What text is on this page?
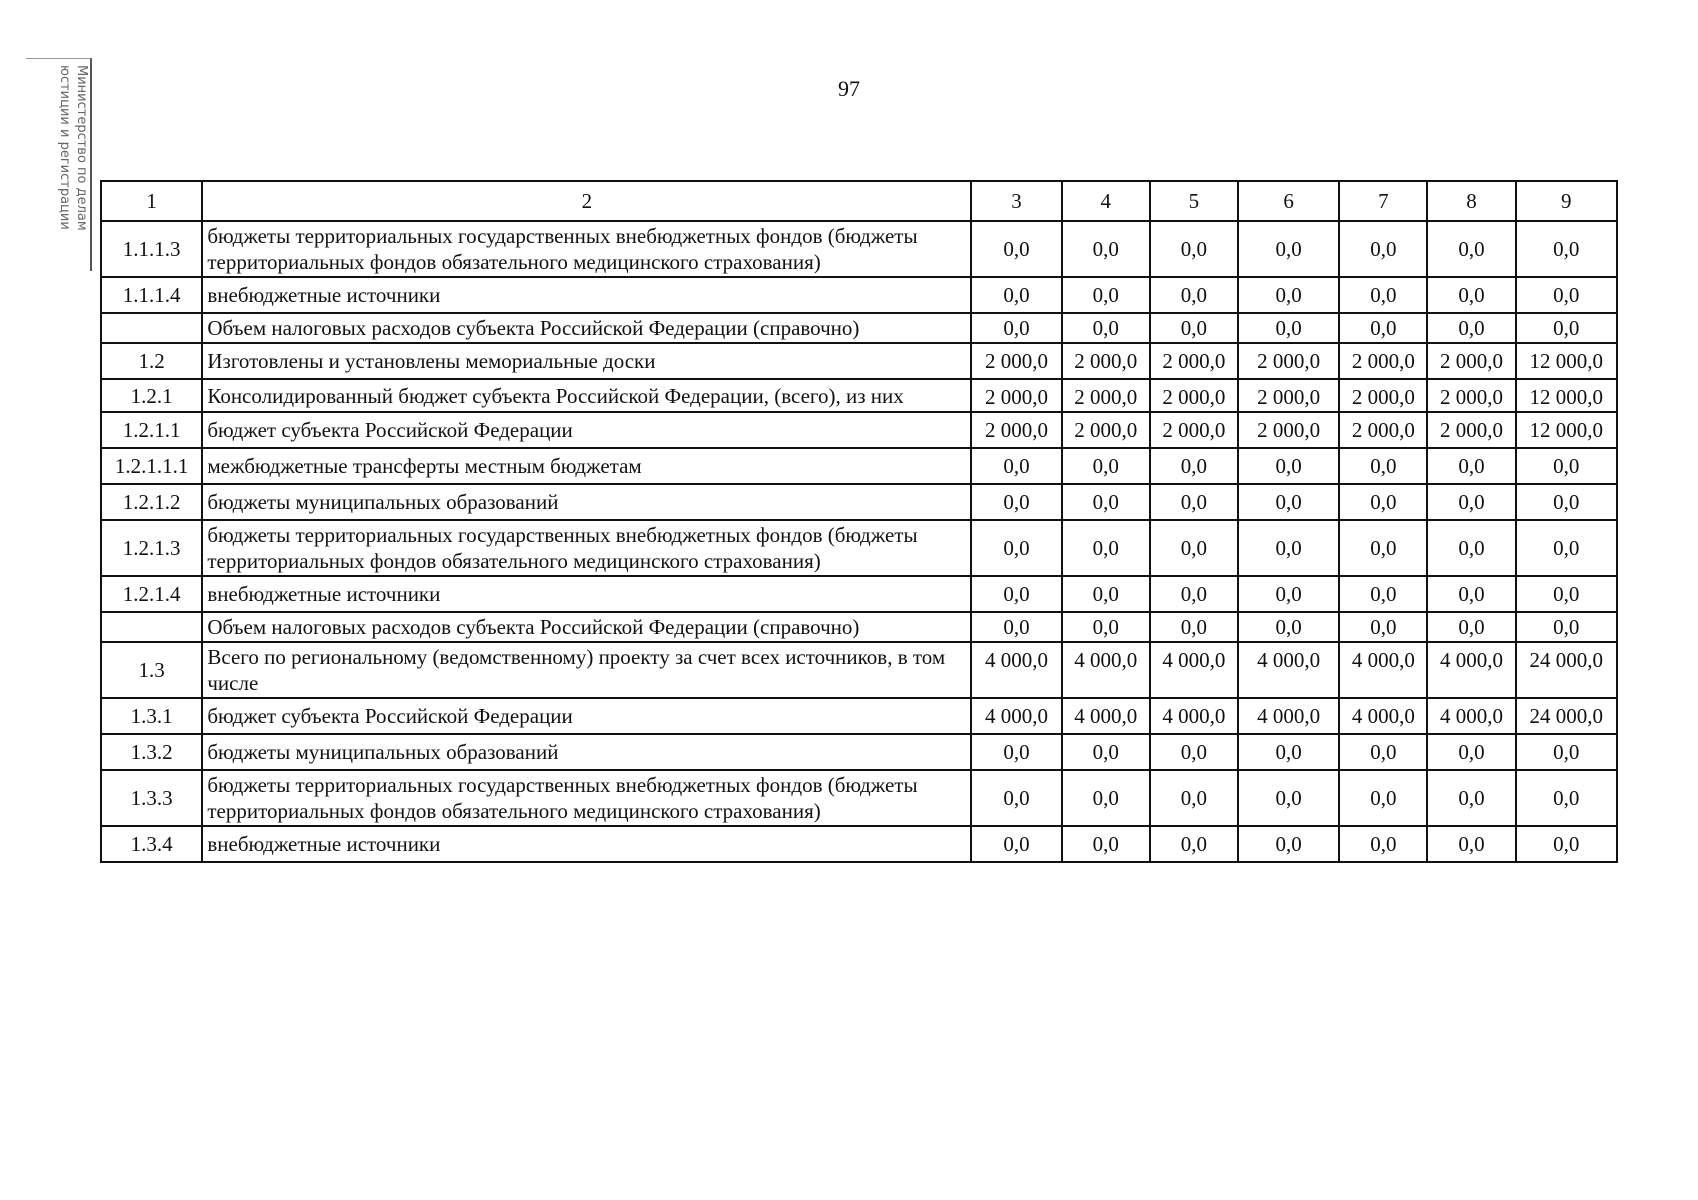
97
Министерство по делам
юстиции и регистрации	1	2	3	4	5	6	7	8	9
1.1.1.3	бюджеты территориальных государственных внебюджетных фондов (бюджеты территориальных фондов обязательного медицинского страхования)	0,0	0,0	0,0	0,0	0,0	0,0	0,0
1.1.1.4	внебюджетные источники	0,0	0,0	0,0	0,0	0,0	0,0	0,0
	Объем налоговых расходов субъекта Российской Федерации (справочно)	0,0	0,0	0,0	0,0	0,0	0,0	0,0
1.2	Изготовлены и установлены мемориальные доски	2 000,0	2 000,0	2 000,0	2 000,0	2 000,0	2 000,0	12 000,0
1.2.1	Консолидированный бюджет субъекта Российской Федерации, (всего), из них	2 000,0	2 000,0	2 000,0	2 000,0	2 000,0	2 000,0	12 000,0
1.2.1.1	бюджет субъекта Российской Федерации	2 000,0	2 000,0	2 000,0	2 000,0	2 000,0	2 000,0	12 000,0
1.2.1.1.1	межбюджетные трансферты местным бюджетам	0,0	0,0	0,0	0,0	0,0	0,0	0,0
1.2.1.2	бюджеты муниципальных образований	0,0	0,0	0,0	0,0	0,0	0,0	0,0
1.2.1.3	бюджеты территориальных государственных внебюджетных фондов (бюджеты территориальных фондов обязательного медицинского страхования)	0,0	0,0	0,0	0,0	0,0	0,0	0,0
1.2.1.4	внебюджетные источники	0,0	0,0	0,0	0,0	0,0	0,0	0,0
	Объем налоговых расходов субъекта Российской Федерации (справочно)	0,0	0,0	0,0	0,0	0,0	0,0	0,0
1.3	Всего по региональному (ведомственному) проекту за счет всех источников, в том числе	4 000,0	4 000,0	4 000,0	4 000,0	4 000,0	4 000,0	24 000,0
1.3.1	бюджет субъекта Российской Федерации	4 000,0	4 000,0	4 000,0	4 000,0	4 000,0	4 000,0	24 000,0
1.3.2	бюджеты муниципальных образований	0,0	0,0	0,0	0,0	0,0	0,0	0,0
1.3.3	бюджеты территориальных государственных внебюджетных фондов (бюджеты территориальных фондов обязательного медицинского страхования)	0,0	0,0	0,0	0,0	0,0	0,0	0,0
1.3.4	внебюджетные источники	0,0	0,0	0,0	0,0	0,0	0,0	0,0
